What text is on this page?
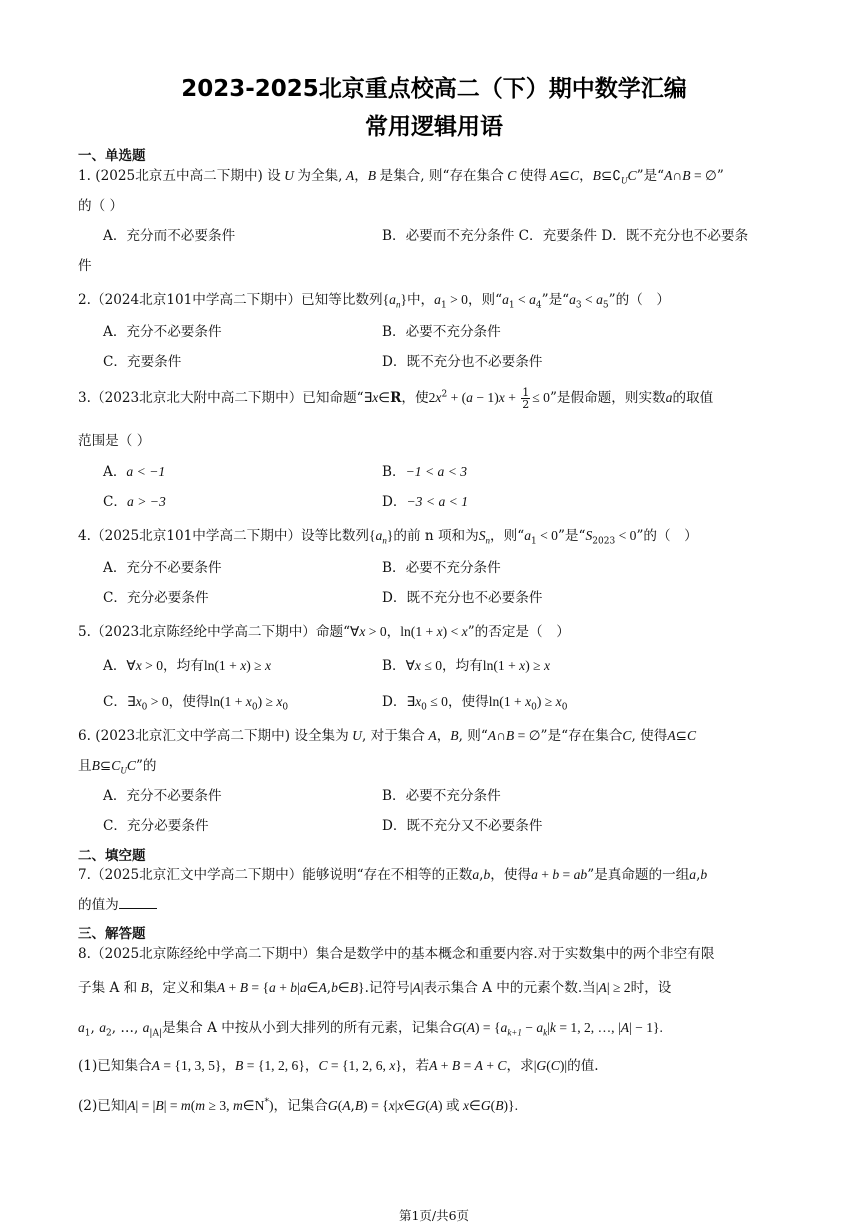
2023-2025北京重点校高二（下）期中数学汇编
常用逻辑用语
一、单选题
1. (2025北京五中高二下期中) 设 U 为全集, A，B 是集合, 则“存在集合 C 使得 A⊆C，$B⊆∁_UC$”是“A∩B = ∅”
的（ ）
A．充分而不必要条件	B．必要而不充分条件 C．充要条件 D．既不充分也不必要条
件
2.（2024北京101中学高二下期中）已知等比数列$\{a_n\}$中，$a_1 > 0$，则“$a_1 < a_4$”是“$a_3 < a_5$”的（　）
A．充分不必要条件	B．必要不充分条件
C．充要条件	D．既不充分也不必要条件
3.（2023北京北大附中高二下期中）已知命题“∃x∈R，使$2x^2 + (a - 1)x + \frac{1}{2} \le 0$”是假命题，则实数a的取值
范围是（ ）
A．a < −1	B．−1 < a < 3
C．a > −3	D．−3 < a < 1
4.（2025北京101中学高二下期中）设等比数列$\{a_n\}$的前 n 项和为$S_n$，则“$a_1 < 0$”是“$S_{2023} < 0$”的（　）
A．充分不必要条件	B．必要不充分条件
C．充分必要条件	D．既不充分也不必要条件
5.（2023北京陈经纶中学高二下期中）命题“∀x > 0，ln(1 + x) < x”的否定是（　）
A．∀x > 0，均有ln(1 + x) ≥ x	B．∀x ≤ 0，均有ln(1 + x) ≥ x
C．$\exists x_0 > 0$，使得$\ln(1 + x_0) \ge x_0$	D．$\exists x_0 \le 0$，使得$\ln(1 + x_0) \ge x_0$
6. (2023北京汇文中学高二下期中) 设全集为 U, 对于集合 A，B, 则“A∩B = ∅”是“存在集合C, 使得A⊆C
且$B⊆C_UC$”的
A．充分不必要条件	B．必要不充分条件
C．充分必要条件	D．既不充分又不必要条件
二、填空题
7.（2025北京汇文中学高二下期中）能够说明“存在不相等的正数a,b，使得a + b = ab”是真命题的一组a,b
的值为
三、解答题
8.（2025北京陈经纶中学高二下期中）集合是数学中的基本概念和重要内容.对于实数集中的两个非空有限
子集 A 和 B，定义和集A + B = {a + b|a∈A,b∈B}.记符号|A|表示集合 A 中的元素个数.当|A| ≥ 2时，设
$a_1$, $a_2$, …, $a_{|A|}$是集合 A 中按从小到大排列的所有元素，记集合$G(A) = \{a_{k+1} - a_k|k = 1$, 2, …, |A| − 1}.
(1)已知集合A = {1, 3, 5}，B = {1, 2, 6}，C = {1, 2, 6, x}，若A + B = A + C，求|G(C)|的值.
(2)已知|A| = |B| = m(m ≥ 3, m∈N*)，记集合G(A,B) = {x|x∈G(A) 或 x∈G(B)}.
第1页/共6页
